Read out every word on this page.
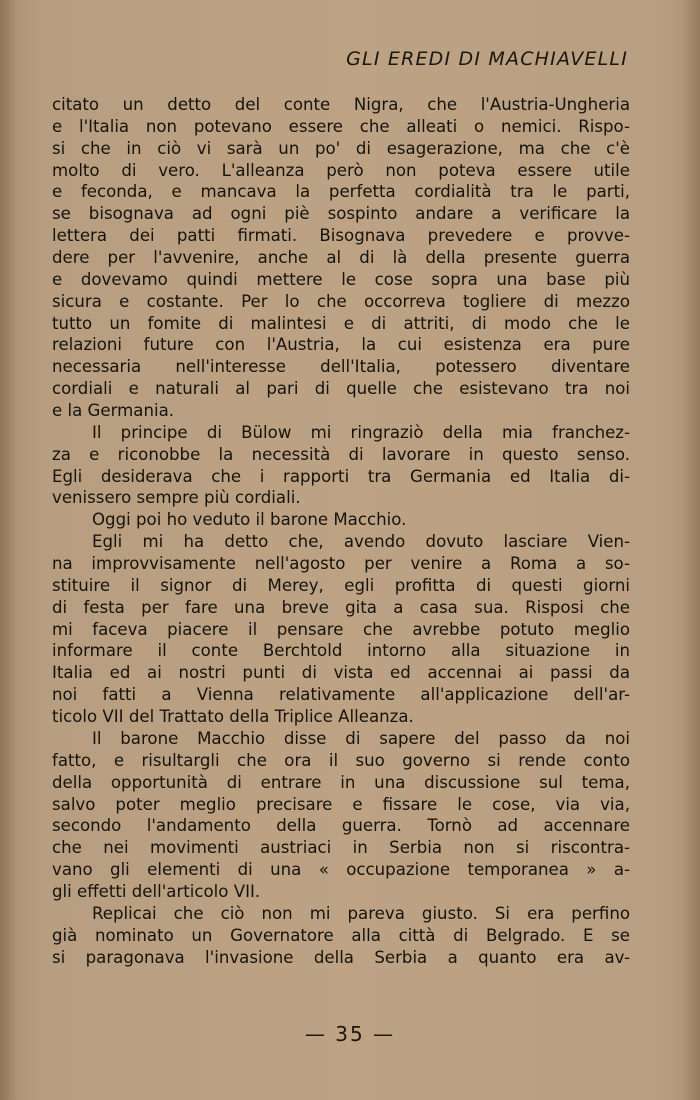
GLI EREDI DI MACHIAVELLI
citato un detto del conte Nigra, che l'Austria-Ungheria
e l'Italia non potevano essere che alleati o nemici. Rispo-
si che in ciò vi sarà un po' di esagerazione, ma che c'è
molto di vero. L'alleanza però non poteva essere utile
e feconda, e mancava la perfetta cordialità tra le parti,
se bisognava ad ogni piè sospinto andare a verificare la
lettera dei patti firmati. Bisognava prevedere e provve-
dere per l'avvenire, anche al di là della presente guerra
e dovevamo quindi mettere le cose sopra una base più
sicura e costante. Per lo che occorreva togliere di mezzo
tutto un fomite di malintesi e di attriti, di modo che le
relazioni future con l'Austria, la cui esistenza era pure
necessaria nell'interesse dell'Italia, potessero diventare
cordiali e naturali al pari di quelle che esistevano tra noi
e la Germania.
Il principe di Bülow mi ringraziò della mia franchez-
za e riconobbe la necessità di lavorare in questo senso.
Egli desiderava che i rapporti tra Germania ed Italia di-
venissero sempre più cordiali.
Oggi poi ho veduto il barone Macchio.
Egli mi ha detto che, avendo dovuto lasciare Vien-
na improvvisamente nell'agosto per venire a Roma a so-
stituire il signor di Merey, egli profitta di questi giorni
di festa per fare una breve gita a casa sua. Risposi che
mi faceva piacere il pensare che avrebbe potuto meglio
informare il conte Berchtold intorno alla situazione in
Italia ed ai nostri punti di vista ed accennai ai passi da
noi fatti a Vienna relativamente all'applicazione dell'ar-
ticolo VII del Trattato della Triplice Alleanza.
Il barone Macchio disse di sapere del passo da noi
fatto, e risultargli che ora il suo governo si rende conto
della opportunità di entrare in una discussione sul tema,
salvo poter meglio precisare e fissare le cose, via via,
secondo l'andamento della guerra. Tornò ad accennare
che nei movimenti austriaci in Serbia non si riscontra-
vano gli elementi di una « occupazione temporanea » a-
gli effetti dell'articolo VII.
Replicai che ciò non mi pareva giusto. Si era perfino
già nominato un Governatore alla città di Belgrado. E se
si paragonava l'invasione della Serbia a quanto era av-
— 35 —
